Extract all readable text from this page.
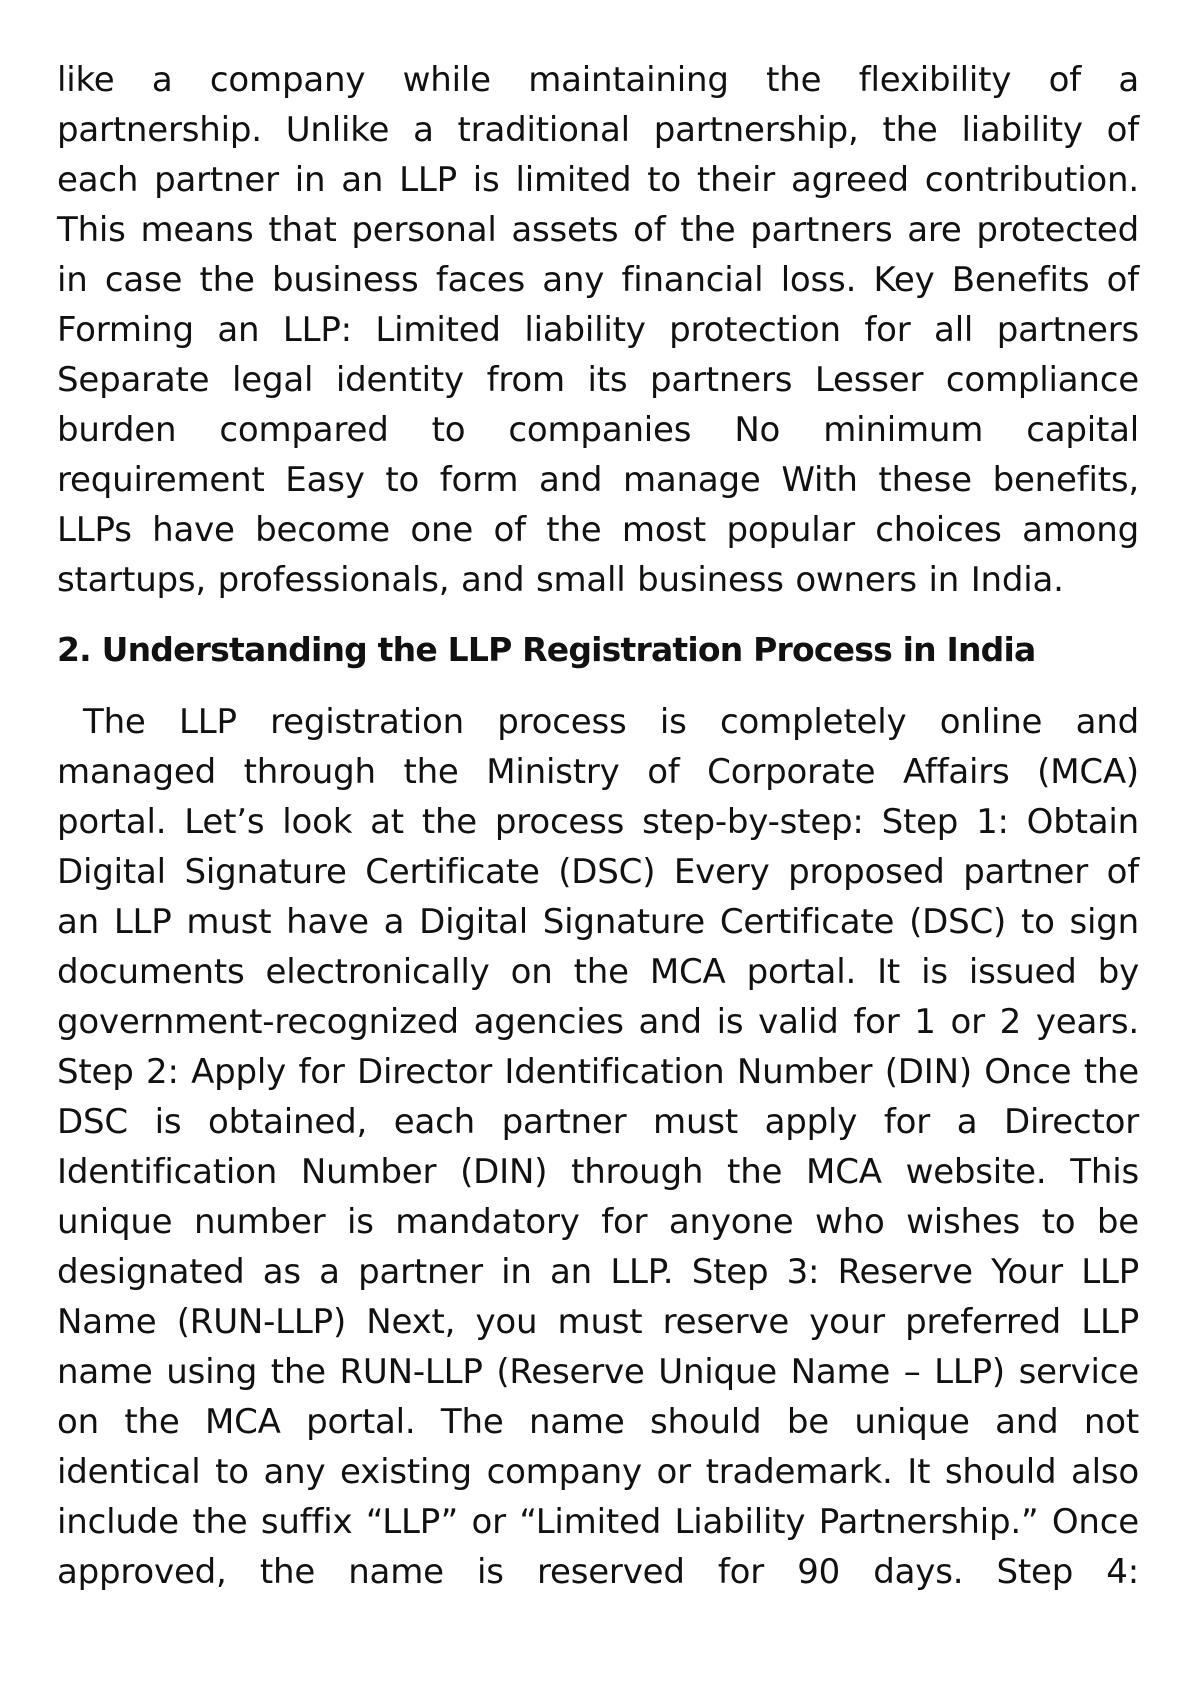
like a company while maintaining the flexibility of a partnership. Unlike a traditional partnership, the liability of each partner in an LLP is limited to their agreed contribution. This means that personal assets of the partners are protected in case the business faces any financial loss. Key Benefits of Forming an LLP: Limited liability protection for all partners Separate legal identity from its partners Lesser compliance burden compared to companies No minimum capital requirement Easy to form and manage With these benefits, LLPs have become one of the most popular choices among startups, professionals, and small business owners in India.

2. Understanding the LLP Registration Process in India

The LLP registration process is completely online and managed through the Ministry of Corporate Affairs (MCA) portal. Let’s look at the process step-by-step: Step 1: Obtain Digital Signature Certificate (DSC) Every proposed partner of an LLP must have a Digital Signature Certificate (DSC) to sign documents electronically on the MCA portal. It is issued by government-recognized agencies and is valid for 1 or 2 years. Step 2: Apply for Director Identification Number (DIN) Once the DSC is obtained, each partner must apply for a Director Identification Number (DIN) through the MCA website. This unique number is mandatory for anyone who wishes to be designated as a partner in an LLP. Step 3: Reserve Your LLP Name (RUN-LLP) Next, you must reserve your preferred LLP name using the RUN-LLP (Reserve Unique Name – LLP) service on the MCA portal. The name should be unique and not identical to any existing company or trademark. It should also include the suffix “LLP” or “Limited Liability Partnership.” Once approved, the name is reserved for 90 days. Step 4:
